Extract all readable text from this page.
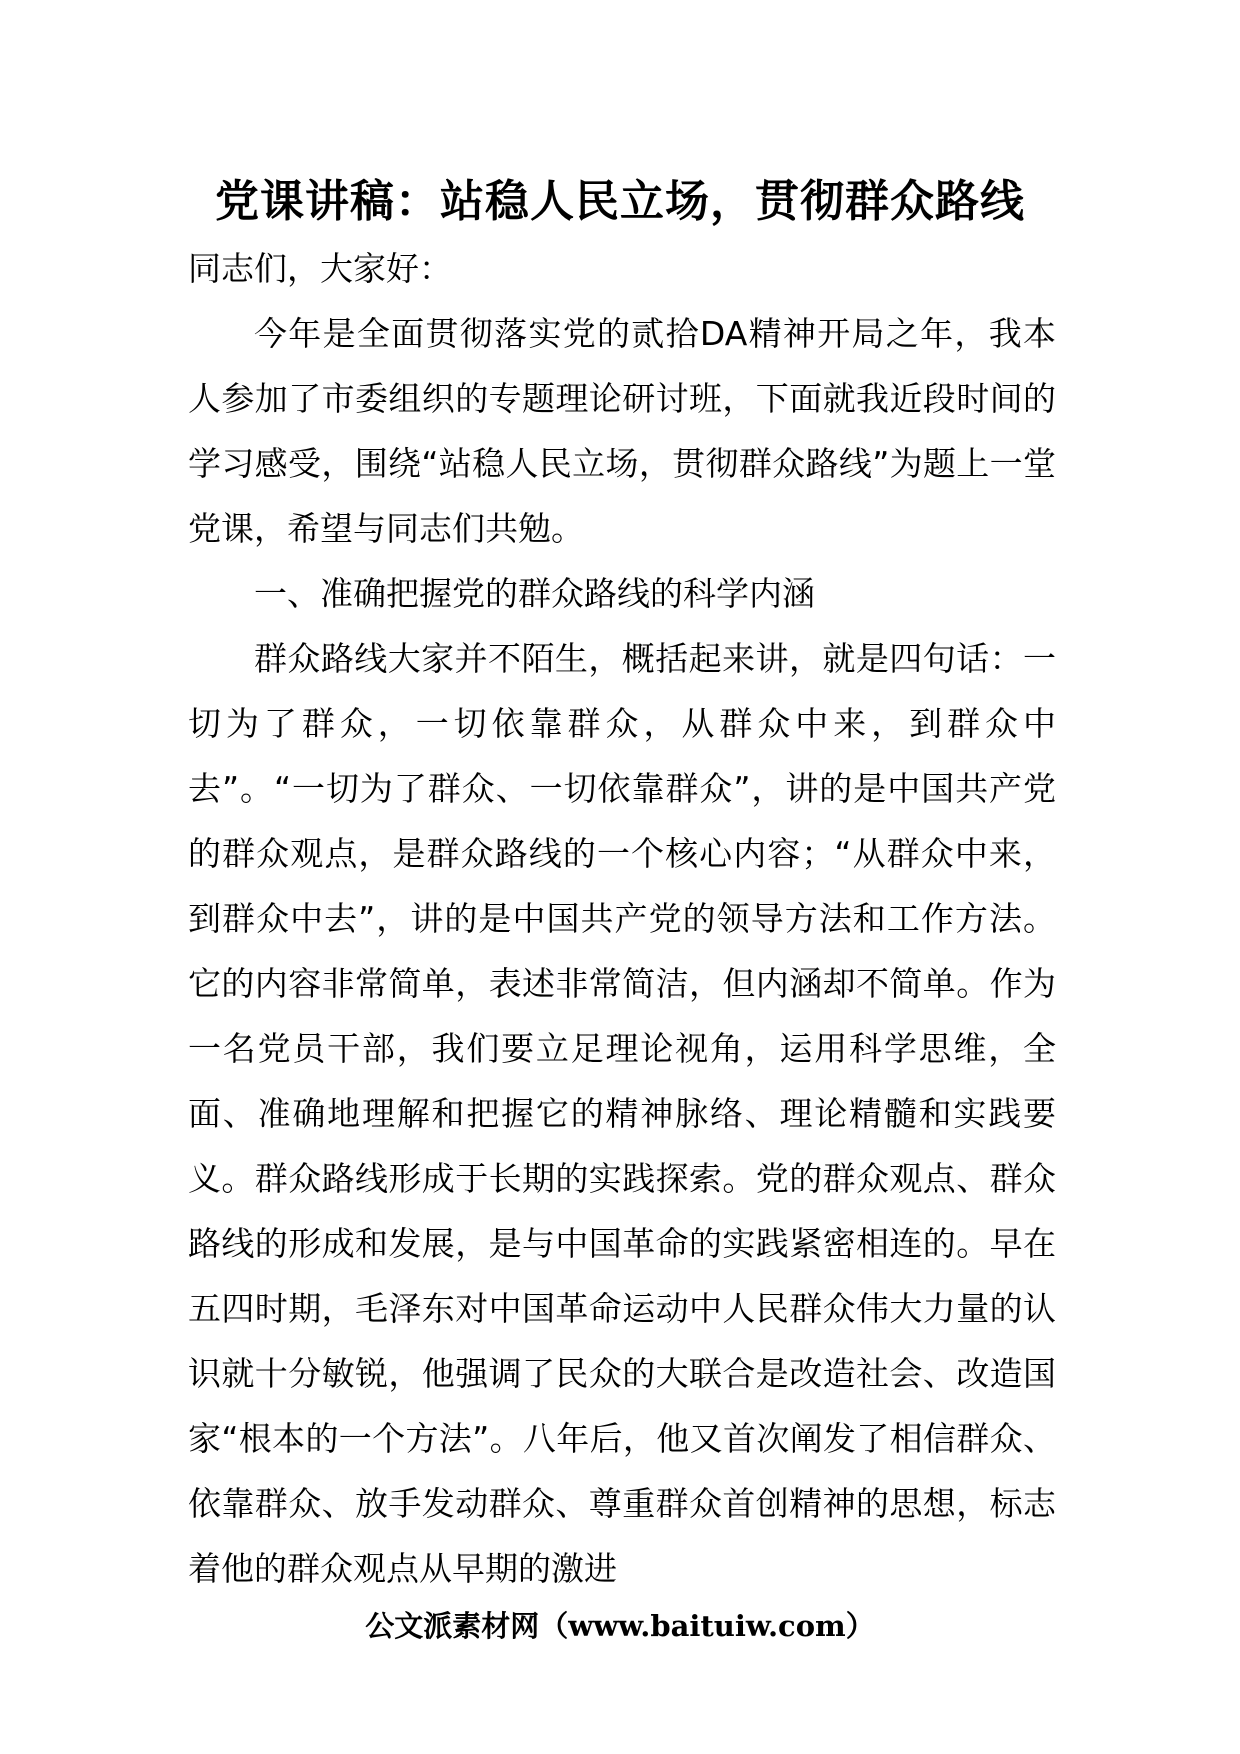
党课讲稿：站稳人民立场，贯彻群众路线

同志们，大家好：

今年是全面贯彻落实党的贰拾DA精神开局之年，我本人参加了市委组织的专题理论研讨班，下面就我近段时间的学习感受，围绕“站稳人民立场，贯彻群众路线”为题上一堂党课，希望与同志们共勉。

一、准确把握党的群众路线的科学内涵

群众路线大家并不陌生，概括起来讲，就是四句话：一切为了群众，一切依靠群众，从群众中来，到群众中去”。“一切为了群众、一切依靠群众”，讲的是中国共产党的群众观点，是群众路线的一个核心内容；“从群众中来，到群众中去”，讲的是中国共产党的领导方法和工作方法。它的内容非常简单，表述非常简洁，但内涵却不简单。作为一名党员干部，我们要立足理论视角，运用科学思维，全面、准确地理解和把握它的精神脉络、理论精髓和实践要义。群众路线形成于长期的实践探索。党的群众观点、群众路线的形成和发展，是与中国革命的实践紧密相连的。早在五四时期，毛泽东对中国革命运动中人民群众伟大力量的认识就十分敏锐，他强调了民众的大联合是改造社会、改造国家“根本的一个方法”。八年后，他又首次阐发了相信群众、依靠群众、放手发动群众、尊重群众首创精神的思想，标志着他的群众观点从早期的激进

公文派素材网（www.baituiw.com）
